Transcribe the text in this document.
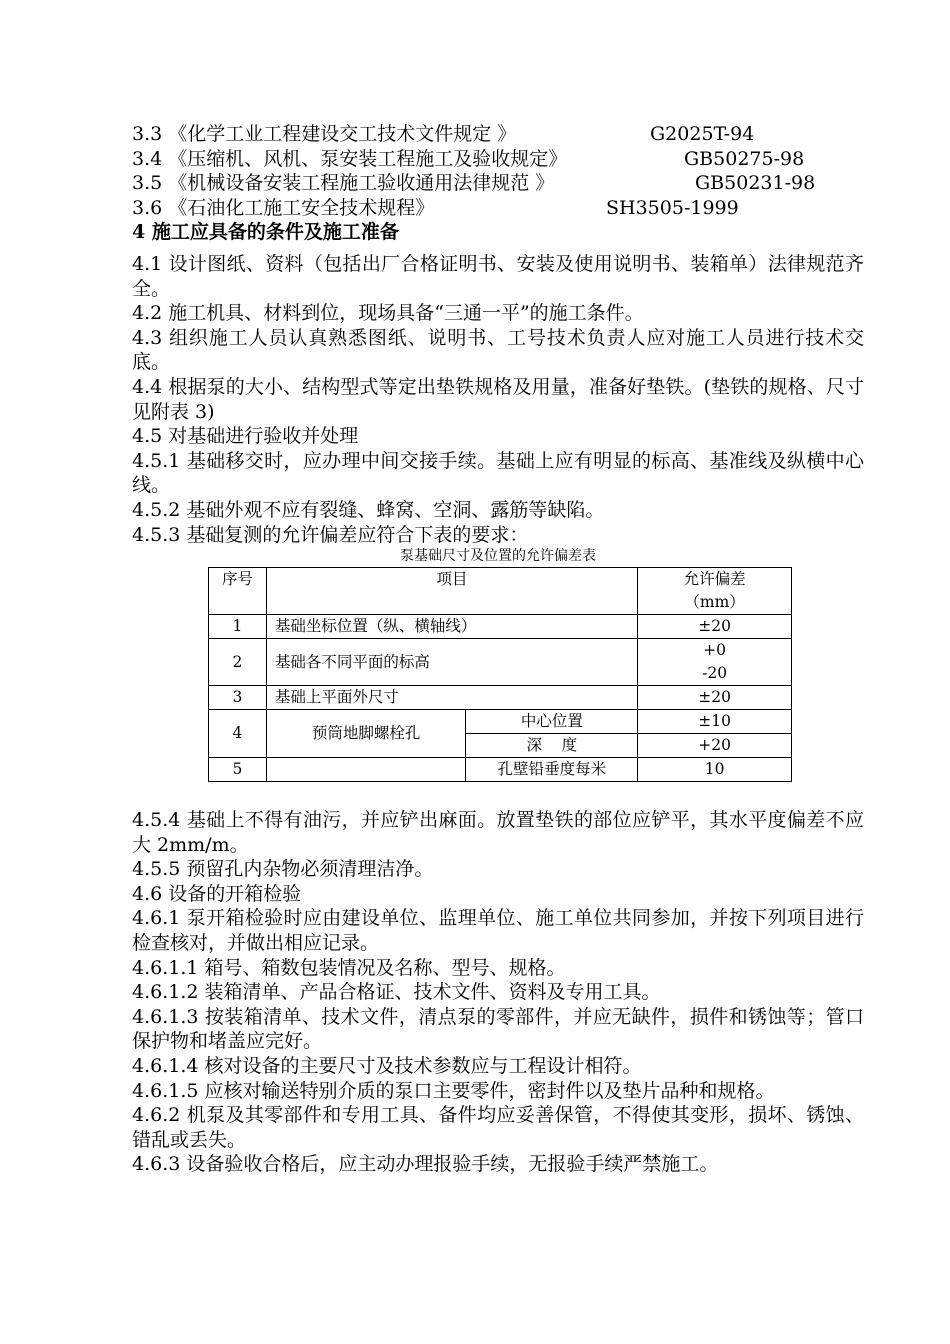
3.3 《化学工业工程建设交工技术文件规定 》	G2025T-94
3.4 《压缩机、风机、泵安装工程施工及验收规定》	GB50275-98
3.5 《机械设备安装工程施工验收通用法律规范 》	GB50231-98
3.6 《石油化工施工安全技术规程》	SH3505-1999
4 施工应具备的条件及施工准备
4.1 设计图纸、资料（包括出厂合格证明书、安装及使用说明书、装箱单）法律规范齐全。
4.2 施工机具、材料到位，现场具备“三通一平”的施工条件。
4.3 组织施工人员认真熟悉图纸、说明书、工号技术负责人应对施工人员进行技术交底。
4.4 根据泵的大小、结构型式等定出垫铁规格及用量，准备好垫铁。(垫铁的规格、尺寸见附表 3)
4.5 对基础进行验收并处理
4.5.1 基础移交时，应办理中间交接手续。基础上应有明显的标高、基准线及纵横中心线。
4.5.2 基础外观不应有裂缝、蜂窝、空洞、露筋等缺陷。
4.5.3 基础复测的允许偏差应符合下表的要求：
泵基础尺寸及位置的允许偏差表
序号	项目		允许偏差
（mm）

1	基础坐标位置（纵、横轴线）		±20
2	基础各不同平面的标高		+0
-20

3	基础上平面外尺寸		±20
4	预筒地脚螺栓孔	中心位置	±10
		深    度	+20
5		孔壁铅垂度每米	10
4.5.4 基础上不得有油污，并应铲出麻面。放置垫铁的部位应铲平，其水平度偏差不应大 2mm/m。
4.5.5 预留孔内杂物必须清理洁净。
4.6 设备的开箱检验
4.6.1 泵开箱检验时应由建设单位、监理单位、施工单位共同参加，并按下列项目进行检查核对，并做出相应记录。
4.6.1.1 箱号、箱数包装情况及名称、型号、规格。
4.6.1.2 装箱清单、产品合格证、技术文件、资料及专用工具。
4.6.1.3 按装箱清单、技术文件，清点泵的零部件，并应无缺件，损件和锈蚀等；管口保护物和堵盖应完好。
4.6.1.4 核对设备的主要尺寸及技术参数应与工程设计相符。
4.6.1.5 应核对输送特别介质的泵口主要零件，密封件以及垫片品种和规格。
4.6.2 机泵及其零部件和专用工具、备件均应妥善保管，不得使其变形，损坏、锈蚀、错乱或丢失。
4.6.3 设备验收合格后，应主动办理报验手续，无报验手续严禁施工。
